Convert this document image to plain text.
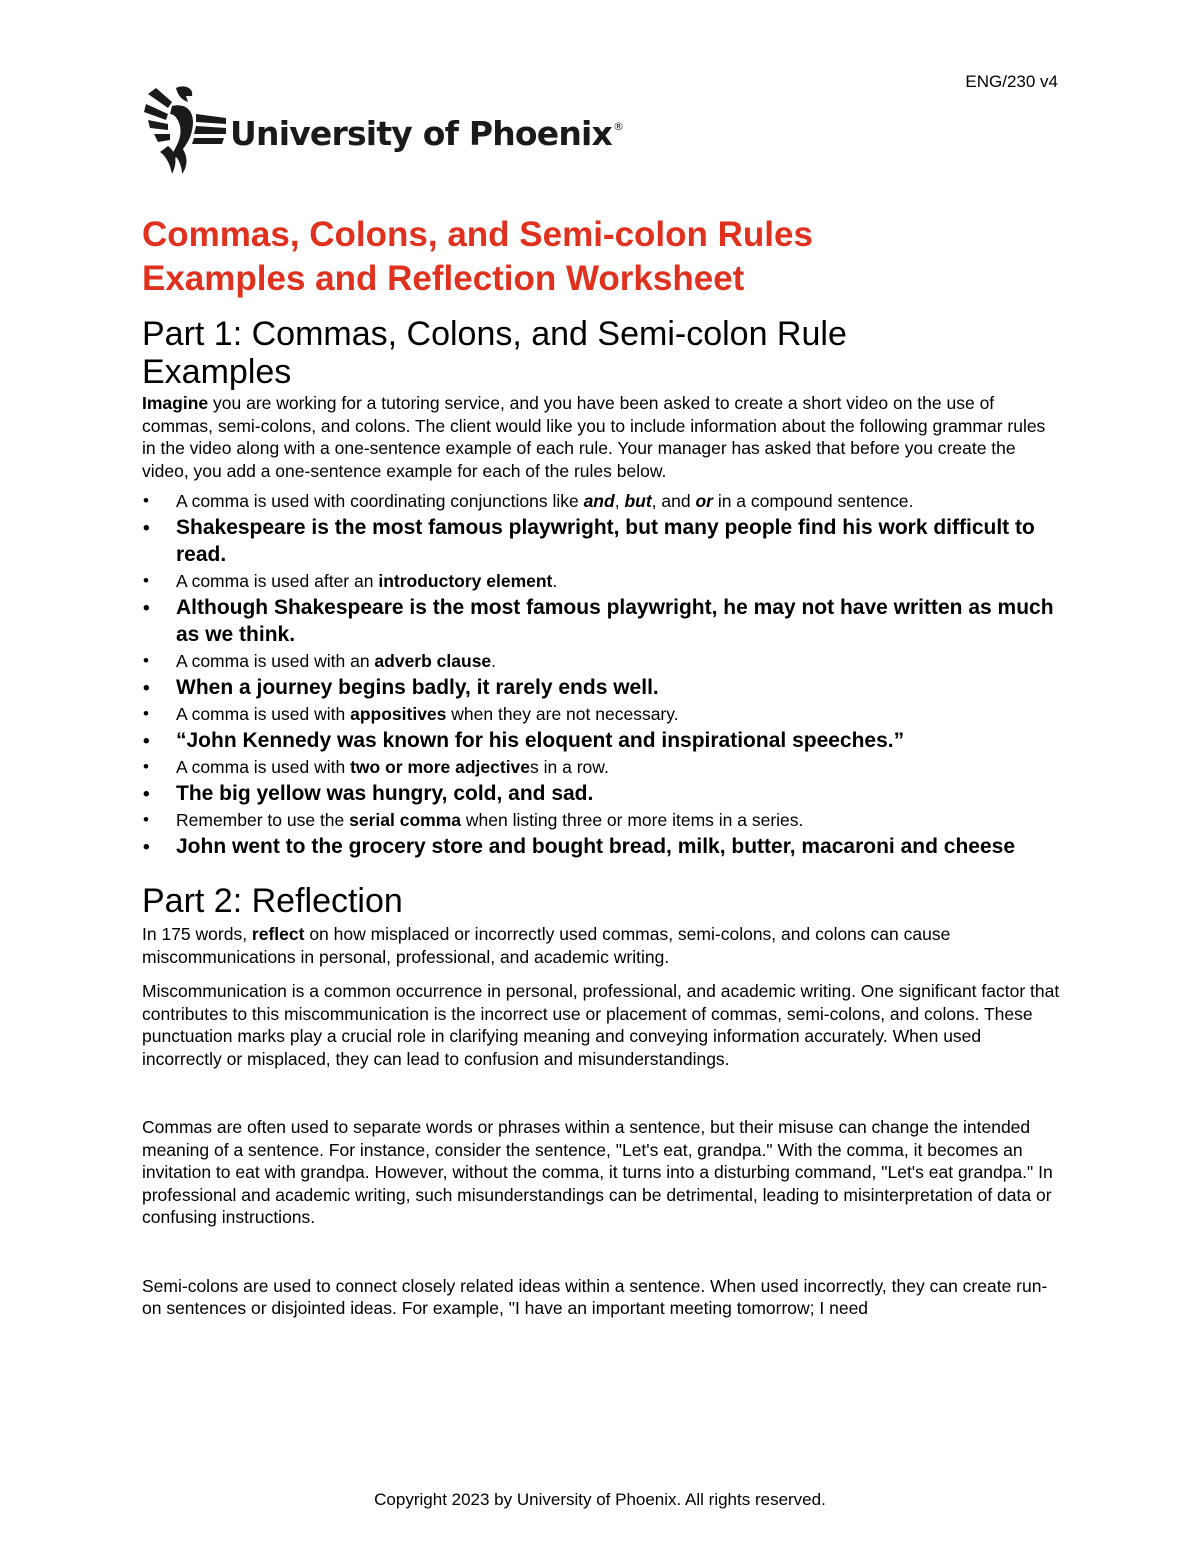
ENG/230 v4
University of Phoenix®
Commas, Colons, and Semi-colon Rules
Examples and Reflection Worksheet
Part 1: Commas, Colons, and Semi-colon Rule
Examples

Imagine you are working for a tutoring service, and you have been asked to create a short video on the use of commas, semi-colons, and colons. The client would like you to include information about the following grammar rules in the video along with a one-sentence example of each rule. Your manager has asked that before you create the video, you add a one-sentence example for each of the rules below.

• A comma is used with coordinating conjunctions like and, but, and or in a compound sentence.
• Shakespeare is the most famous playwright, but many people find his work difficult to read.
• A comma is used after an introductory element.
• Although Shakespeare is the most famous playwright, he may not have written as much as we think.
• A comma is used with an adverb clause.
• When a journey begins badly, it rarely ends well.
• A comma is used with appositives when they are not necessary.
• “John Kennedy was known for his eloquent and inspirational speeches.”
• A comma is used with two or more adjectives in a row.
• The big yellow was hungry, cold, and sad.
• Remember to use the serial comma when listing three or more items in a series.
• John went to the grocery store and bought bread, milk, butter, macaroni and cheese
Part 2: Reflection

In 175 words, reflect on how misplaced or incorrectly used commas, semi-colons, and colons can cause miscommunications in personal, professional, and academic writing.

Miscommunication is a common occurrence in personal, professional, and academic writing. One significant factor that contributes to this miscommunication is the incorrect use or placement of commas, semi-colons, and colons. These punctuation marks play a crucial role in clarifying meaning and conveying information accurately. When used incorrectly or misplaced, they can lead to confusion and misunderstandings.

Commas are often used to separate words or phrases within a sentence, but their misuse can change the intended meaning of a sentence. For instance, consider the sentence, "Let's eat, grandpa." With the comma, it becomes an invitation to eat with grandpa. However, without the comma, it turns into a disturbing command, "Let's eat grandpa." In professional and academic writing, such misunderstandings can be detrimental, leading to misinterpretation of data or confusing instructions.

Semi-colons are used to connect closely related ideas within a sentence. When used incorrectly, they can create run-on sentences or disjointed ideas. For example, "I have an important meeting tomorrow; I need

Copyright 2023 by University of Phoenix. All rights reserved.
